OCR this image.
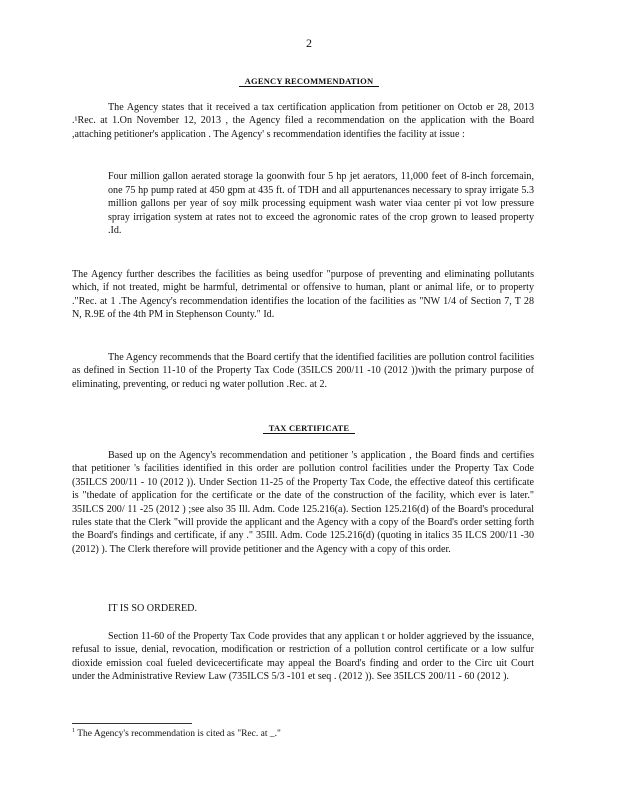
2
AGENCY RECOMMENDATION

The Agency states that it received a tax certification application from petitioner on Octob er 28, 2013 .¹Rec. at 1.On November 12, 2013 , the Agency filed a recommendation on the application with the Board ,attaching petitioner's application . The Agency' s recommendation identifies the facility at issue :

Four million gallon aerated storage la goonwith four 5 hp jet aerators, 11,000 feet of 8-inch forcemain, one 75 hp pump rated at 450 gpm at 435 ft. of TDH and all appurtenances necessary to spray irrigate 5.3 million gallons per year of soy milk processing equipment wash water viaa center pi vot low pressure spray irrigation system at rates not to exceed the agronomic rates of the crop grown to leased property .Id.

The Agency further describes the facilities as being usedfor "purpose of preventing and eliminating pollutants which, if not treated, might be harmful, detrimental or offensive to human, plant or animal life, or to property ."Rec. at 1 .The Agency's recommendation identifies the location of the facilities as "NW 1/4 of Section 7, T 28 N, R.9E of the 4th PM in Stephenson County." Id.

The Agency recommends that the Board certify that the identified facilities are pollution control facilities as defined in Section 11-10 of the Property Tax Code (35ILCS 200/11 -10 (2012 ))with the primary purpose of eliminating, preventing, or reduci ng water pollution .Rec. at 2.

TAX CERTIFICATE

Based up on the Agency's recommendation and petitioner 's application , the Board finds and certifies that petitioner 's facilities identified in this order are pollution control facilities under the Property Tax Code (35ILCS 200/11 - 10 (2012 )). Under Section 11-25 of the Property Tax Code, the effective dateof this certificate is "thedate of application for the certificate or the date of the construction of the facility, which ever is later." 35ILCS 200/ 11 -25 (2012 ) ;see also 35 Ill. Adm. Code 125.216(a). Section 125.216(d) of the Board's procedural rules state that the Clerk "will provide the applicant and the Agency with a copy of the Board's order setting forth the Board's findings and certificate, if any ." 35Ill. Adm. Code 125.216(d) (quoting in italics 35 ILCS 200/11 -30 (2012) ). The Clerk therefore will provide petitioner and the Agency with a copy of this order.

IT IS SO ORDERED.

Section 11-60 of the Property Tax Code provides that any applican t or holder aggrieved by the issuance, refusal to issue, denial, revocation, modification or restriction of a pollution control certificate or a low sulfur dioxide emission coal fueled devicecertificate may appeal the Board's finding and order to the Circ uit Court under the Administrative Review Law (735ILCS 5/3 -101 et seq . (2012 )). See 35ILCS 200/11 - 60 (2012 ).

$^1$ The Agency's recommendation is cited as "Rec. at _."
